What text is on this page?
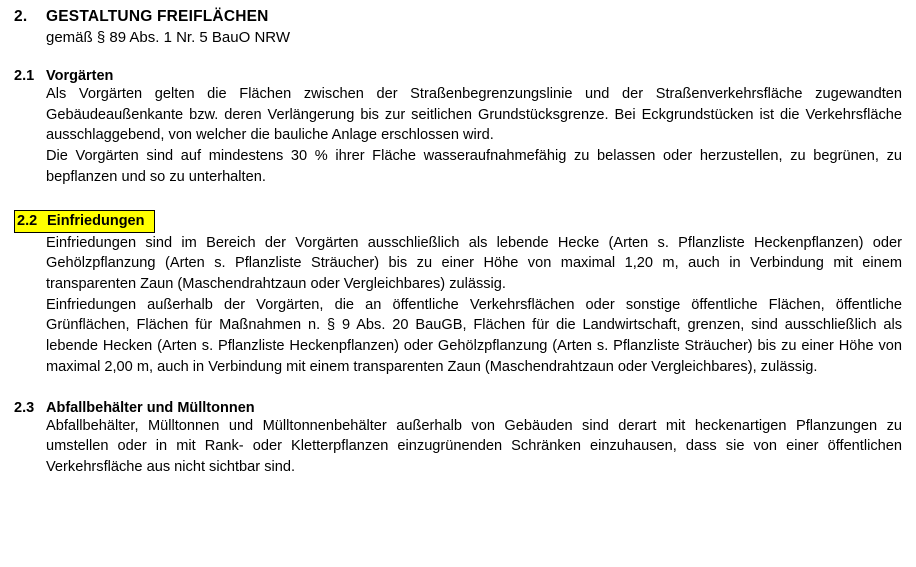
2.	GESTALTUNG FREIFLÄCHEN
gemäß § 89 Abs. 1 Nr. 5 BauO NRW
2.1 Vorgärten

Als Vorgärten gelten die Flächen zwischen der Straßenbegrenzungslinie und der Straßenverkehrsfläche zugewandten Gebäudeaußenkante bzw. deren Verlängerung bis zur seitlichen Grundstücksgrenze. Bei Eckgrundstücken ist die Verkehrsfläche ausschlaggebend, von welcher die bauliche Anlage erschlossen wird.

Die Vorgärten sind auf mindestens 30 % ihrer Fläche wasseraufnahmefähig zu belassen oder herzustellen, zu begrünen, zu bepflanzen und so zu unterhalten.

2.2 Einfriedungen

Einfriedungen sind im Bereich der Vorgärten ausschließlich als lebende Hecke (Arten s. Pflanzliste Heckenpflanzen) oder Gehölzpflanzung (Arten s. Pflanzliste Sträucher) bis zu einer Höhe von maximal 1,20 m, auch in Verbindung mit einem transparenten Zaun (Maschendrahtzaun oder Vergleichbares) zulässig.

Einfriedungen außerhalb der Vorgärten, die an öffentliche Verkehrsflächen oder sonstige öffentliche Flächen, öffentliche Grünflächen, Flächen für Maßnahmen n. § 9 Abs. 20 BauGB, Flächen für die Landwirtschaft, grenzen, sind ausschließlich als lebende Hecken (Arten s. Pflanzliste Heckenpflanzen) oder Gehölzpflanzung (Arten s. Pflanzliste Sträucher) bis zu einer Höhe von maximal 2,00 m, auch in Verbindung mit einem transparenten Zaun (Maschendrahtzaun oder Vergleichbares), zulässig.

2.3 Abfallbehälter und Mülltonnen

Abfallbehälter, Mülltonnen und Mülltonnenbehälter außerhalb von Gebäuden sind derart mit heckenartigen Pflanzungen zu umstellen oder in mit Rank- oder Kletterpflanzen einzugrünenden Schränken einzuhausen, dass sie von einer öffentlichen Verkehrsfläche aus nicht sichtbar sind.
